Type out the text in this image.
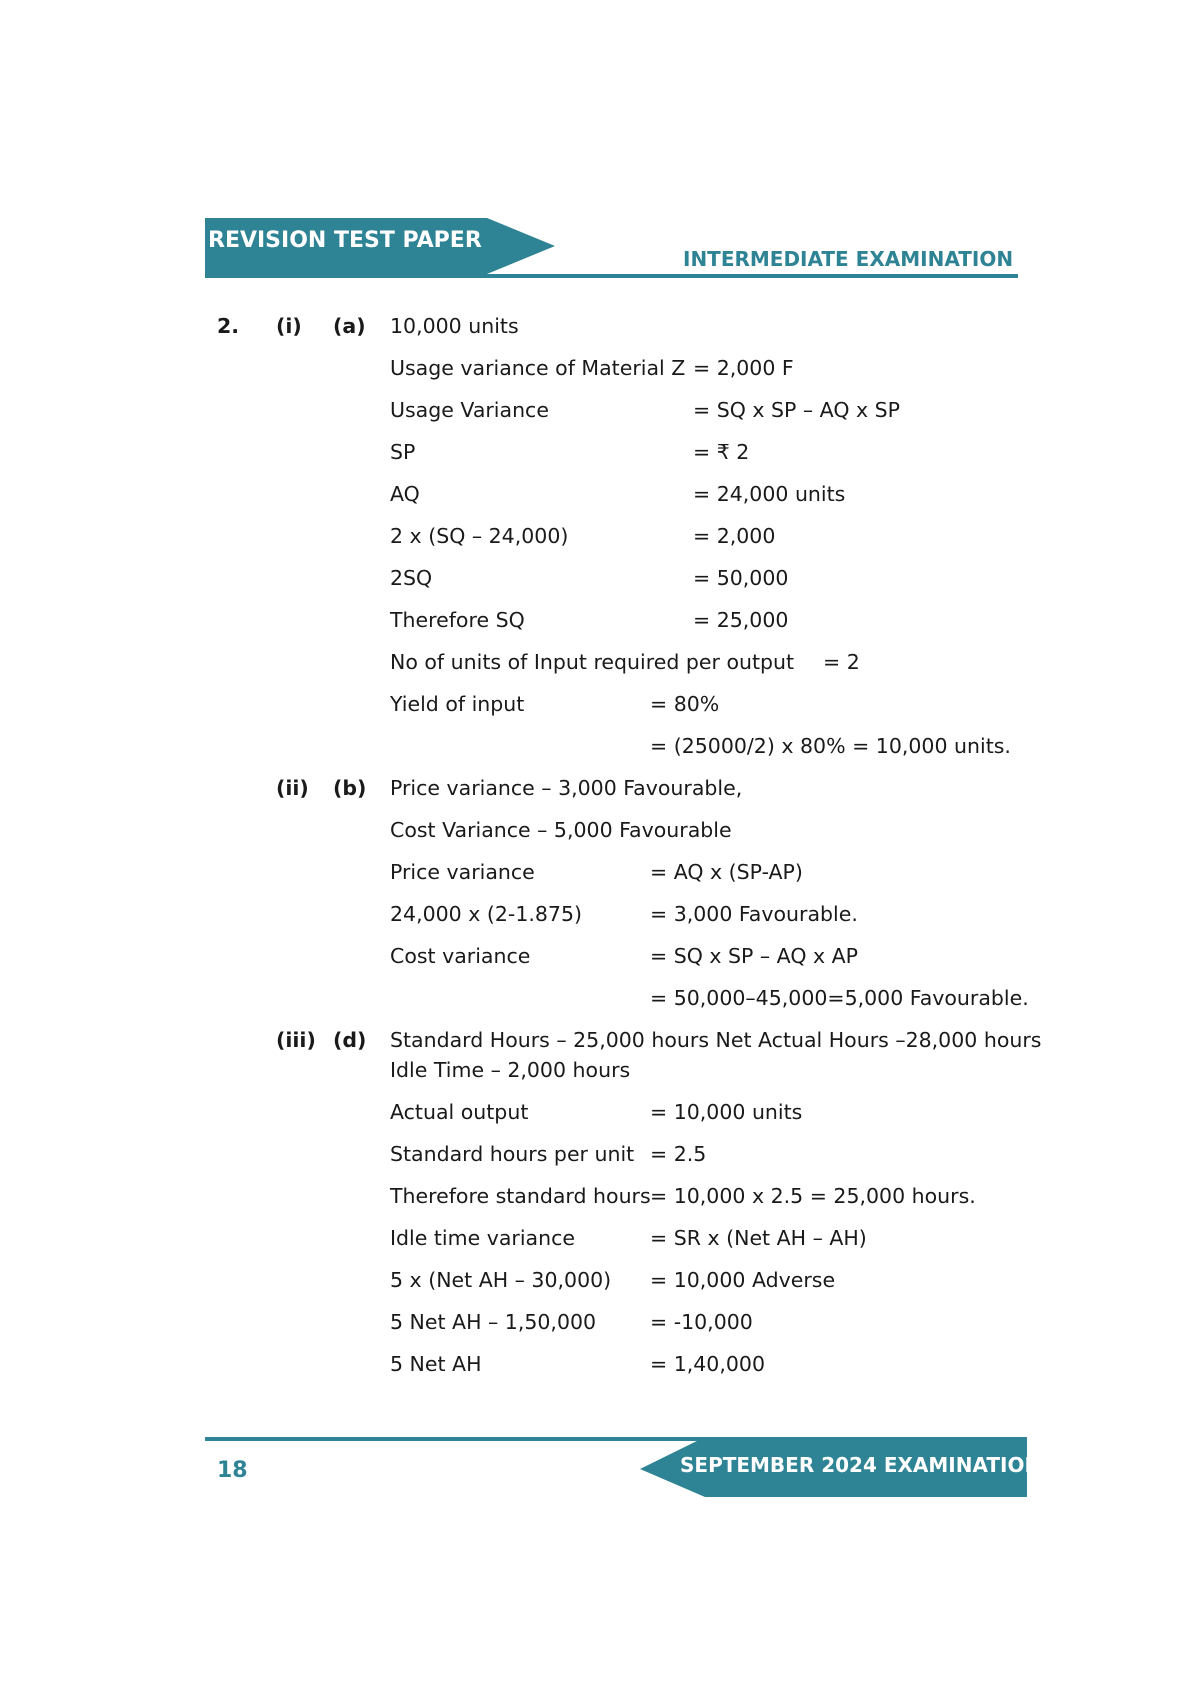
REVISION TEST PAPER
INTERMEDIATE EXAMINATION
2. (i) (a) 10,000 units
Usage variance of Material Z = 2,000 F
Usage Variance	= SQ x SP – AQ x SP
SP	= ₹ 2
AQ	= 24,000 units
2 x (SQ – 24,000)	= 2,000
2SQ	= 50,000
Therefore SQ	= 25,000
No of units of Input required per output = 2
Yield of input	= 80%
= (25000/2) x 80% = 10,000 units.
(ii) (b) Price variance – 3,000 Favourable,
Cost Variance – 5,000 Favourable
Price variance	= AQ x (SP-AP)
24,000 x (2-1.875)	= 3,000 Favourable.
Cost variance	= SQ x SP – AQ x AP
= 50,000–45,000=5,000 Favourable.
(iii) (d) Standard Hours – 25,000 hours Net Actual Hours –28,000 hours
Idle Time – 2,000 hours
Actual output	= 10,000 units
Standard hours per unit = 2.5
Therefore standard hours = 10,000 x 2.5 = 25,000 hours.
Idle time variance	= SR x (Net AH – AH)
5 x (Net AH – 30,000) = 10,000 Adverse
5 Net AH – 1,50,000	= -10,000
5 Net AH	= 1,40,000
18	SEPTEMBER 2024 EXAMINATION
